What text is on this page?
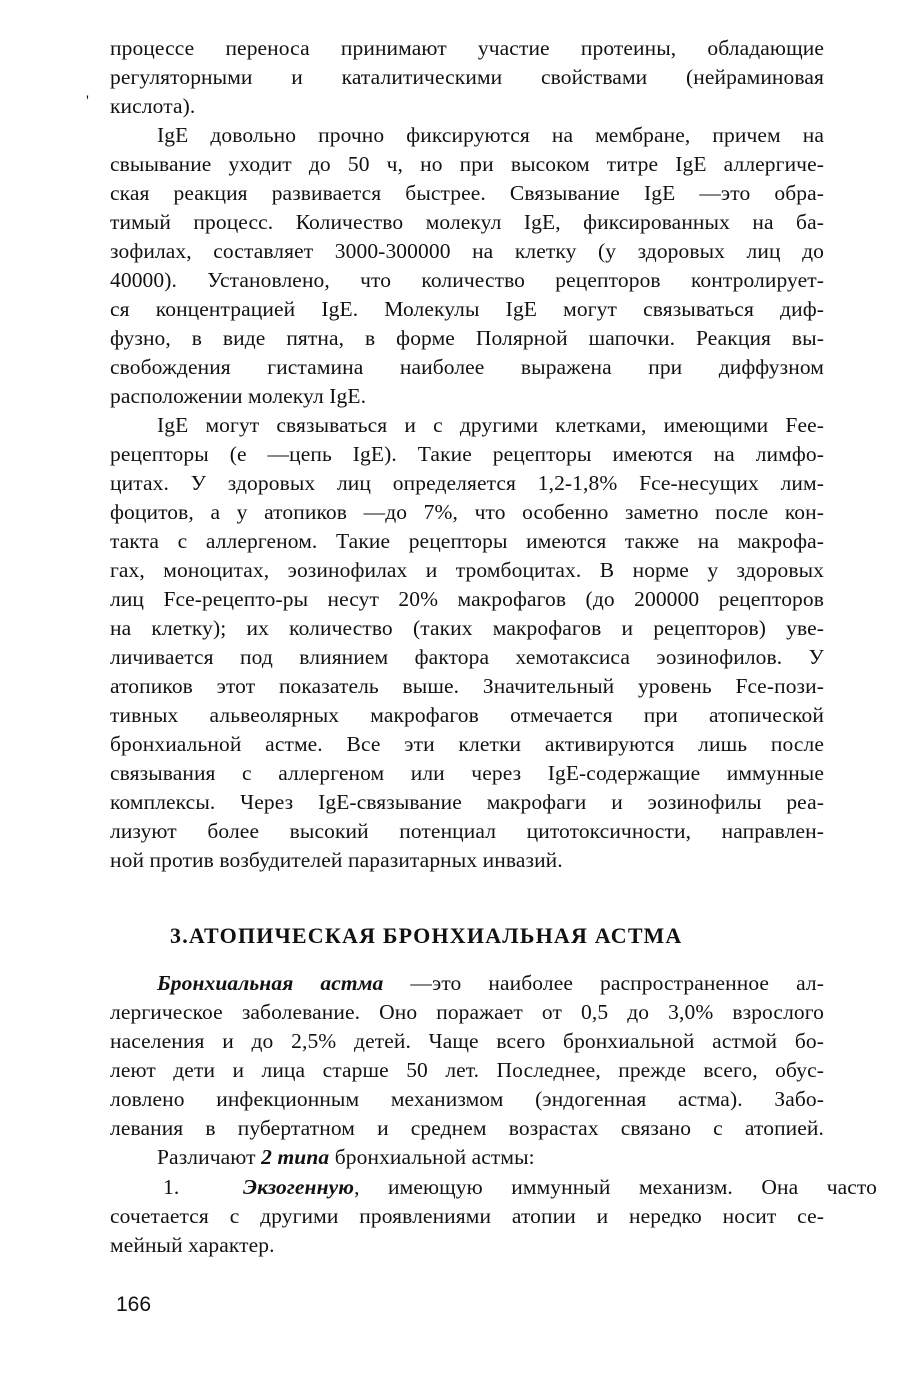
'
процессе переноса принимают участие протеины, обладающие
регуляторными и каталитическими свойствами (нейраминовая
кислота).
IgE довольно прочно фиксируются на мембране, причем на
свыывание уходит до 50 ч, но при высоком титре IgE аллергиче-
ская реакция развивается быстрее. Связывание IgE —это обра-
тимый процесс. Количество молекул IgE, фиксированных на ба-
зофилах, составляет 3000-300000 на клетку (у здоровых лиц до
40000). Установлено, что количество рецепторов контролирует-
ся концентрацией IgE. Молекулы IgE могут связываться диф-
фузно, в виде пятна, в форме Полярной шапочки. Реакция вы-
свобождения гистамина наиболее выражена при диффузном
расположении молекул IgE.
IgE могут связываться и с другими клетками, имеющими Fee-
рецепторы (е —цепь IgE). Такие рецепторы имеются на лимфо-
цитах. У здоровых лиц определяется 1,2-1,8% Fce-несущих лим-
фоцитов, а у атопиков —до 7%, что особенно заметно после кон-
такта с аллергеном. Такие рецепторы имеются также на макрофа-
гах, моноцитах, эозинофилах и тромбоцитах. В норме у здоровых
лиц Fce-рецепто-ры несут 20% макрофагов (до 200000 рецепторов
на клетку); их количество (таких макрофагов и рецепторов) уве-
личивается под влиянием фактора хемотаксиса эозинофилов. У
атопиков этот показатель выше. Значительный уровень Fce-пози-
тивных альвеолярных макрофагов отмечается при атопической
бронхиальной астме. Все эти клетки активируются лишь после
связывания с аллергеном или через IgE-содержащие иммунные
комплексы. Через IgE-связывание макрофаги и эозинофилы реа-
лизуют более высокий потенциал цитотоксичности, направлен-
ной против возбудителей паразитарных инвазий.
3.АТОПИЧЕСКАЯ БРОНХИАЛЬНАЯ АСТМА
Бронхиальная астма —это наиболее распространенное ал-
лергическое заболевание. Оно поражает от 0,5 до 3,0% взрослого
населения и до 2,5% детей. Чаще всего бронхиальной астмой бо-
леют дети и лица старше 50 лет. Последнее, прежде всего, обус-
ловлено инфекционным механизмом (эндогенная астма). Забо-
левания в пубертатном и среднем возрастах связано с атопией.
Различают 2 типа бронхиальной астмы:
1.	Экзогенную, имеющую иммунный механизм. Она часто
сочетается с другими проявлениями атопии и нередко носит се-
мейный характер.
166
